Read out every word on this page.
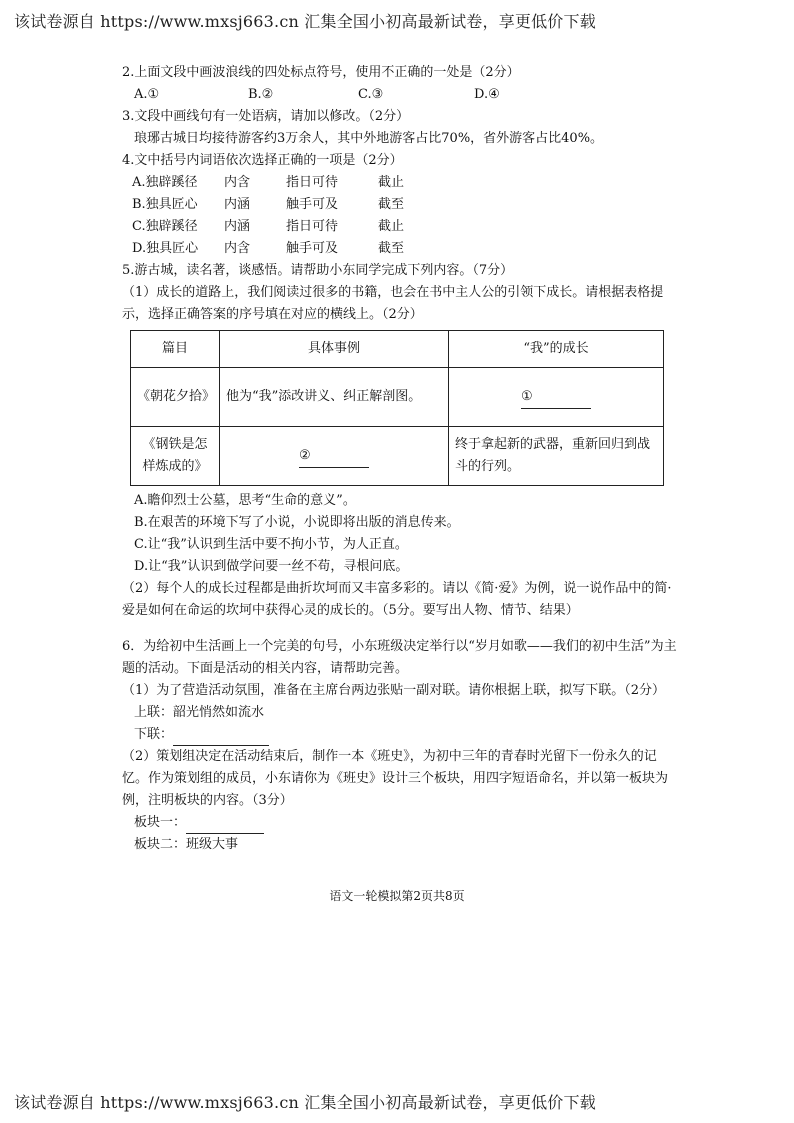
该试卷源自 https://www.mxsj663.cn 汇集全国小初高最新试卷，享更低价下载
2.上面文段中画波浪线的四处标点符号，使用不正确的一处是（2分）
A.①	B.②	C.③	D.④
3.文段中画线句有一处语病，请加以修改。（2分）
琅琊古城日均接待游客约3万余人，其中外地游客占比70%，省外游客占比40%。
4.文中括号内词语依次选择正确的一项是（2分）
A.独辟蹊径	内含	指日可待	截止
B.独具匠心	内涵	触手可及	截至
C.独辟蹊径	内涵	指日可待	截止
D.独具匠心	内含	触手可及	截至
5.游古城，读名著，谈感悟。请帮助小东同学完成下列内容。（7分）
（1）成长的道路上，我们阅读过很多的书籍，也会在书中主人公的引领下成长。请根据表格提示，选择正确答案的序号填在对应的横线上。（2分）
篇目	具体事例	“我”的成长
《朝花夕拾》	他为“我”添改讲义、纠正解剖图。	①
《钢铁是怎样炼成的》	②	终于拿起新的武器，重新回归到战斗的行列。
A.瞻仰烈士公墓，思考“生命的意义”。
B.在艰苦的环境下写了小说，小说即将出版的消息传来。
C.让“我”认识到生活中要不拘小节，为人正直。
D.让“我”认识到做学问要一丝不苟，寻根问底。
（2）每个人的成长过程都是曲折坎坷而又丰富多彩的。请以《简·爱》为例，说一说作品中的简·爱是如何在命运的坎坷中获得心灵的成长的。（5分。要写出人物、情节、结果）
6．为给初中生活画上一个完美的句号，小东班级决定举行以“岁月如歌——我们的初中生活”为主题的活动。下面是活动的相关内容，请帮助完善。
（1）为了营造活动氛围，准备在主席台两边张贴一副对联。请你根据上联，拟写下联。（2分）
上联：韶光悄然如流水
下联：
（2）策划组决定在活动结束后，制作一本《班史》，为初中三年的青春时光留下一份永久的记忆。作为策划组的成员，小东请你为《班史》设计三个板块，用四字短语命名，并以第一板块为例，注明板块的内容。（3分）
板块一：
板块二：班级大事
语文一轮模拟第2页共8页
该试卷源自 https://www.mxsj663.cn 汇集全国小初高最新试卷，享更低价下载
